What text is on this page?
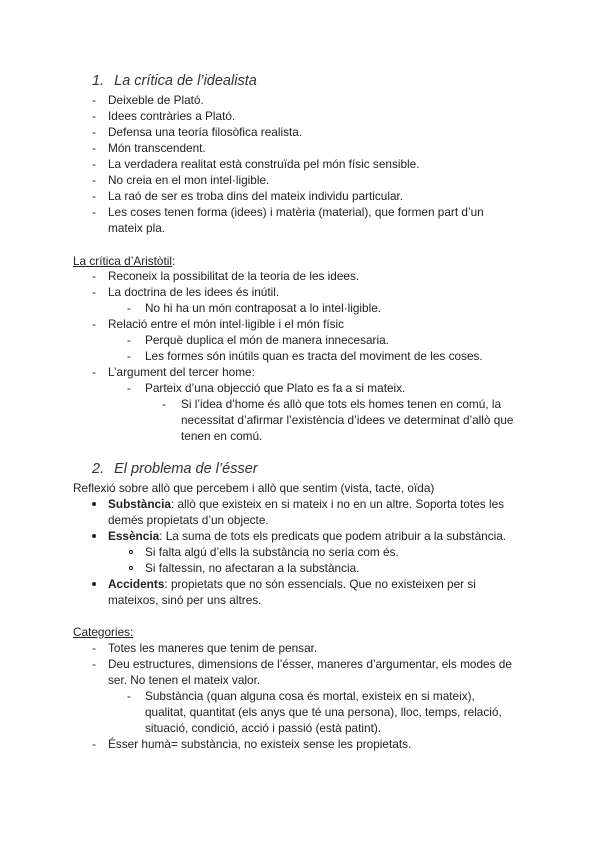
1. La crítica de l’idealista
- Deixeble de Plató.
- Idees contràries a Plató.
- Defensa una teoría filosòfica realista.
- Món transcendent.
- La verdadera realitat està construïda pel món físic sensible.
- No creia en el mon intel·ligible.
- La raó de ser es troba dins del mateix individu particular.
- Les coses tenen forma (idees) i matèria (material), que formen part d’un
mateix pla.
La crítica d’Aristòtil:
- Reconeix la possibilitat de la teoria de les idees.
- La doctrina de les idees és inútil.
- No hi ha un món contraposat a lo intel·ligible.
- Relació entre el món intel·ligible i el món físic
- Perquè duplica el món de manera innecesaria.
- Les formes són inútils quan es tracta del moviment de les coses.
- L’argument del tercer home:
- Parteix d’una objecció que Plato es fa a si mateix.
- Si l’idea d’home és allò que tots els homes tenen en comú, la
necessitat d’afirmar l’existència d’idees ve determinat d’allò que
tenen en comú.
2. El problema de l’ésser
Reflexió sobre allò que percebem i allò que sentim (vista, tacte, oïda)
Substància: allò que existeix en si mateix i no en un altre. Soporta totes les
demés propietats d’un objecte.
Essència: La suma de tots els predicats que podem atribuir a la substància.
Si falta algú d’ells la substància no seria com és.
Si faltessin, no afectaran a la substància.
Accidents: propietats que no són essencials. Que no existeixen per si
mateixos, sinó per uns altres.
Categories:
- Totes les maneres que tenim de pensar.
- Deu estructures, dimensions de l’ésser, maneres d’argumentar, els modes de
ser. No tenen el mateix valor.
- Substància (quan alguna cosa és mortal, existeix en si mateix),
qualitat, quantitat (els anys que té una persona), lloc, temps, relació,
situació, condició, acció i passió (està patint).
- Ésser humà= substància, no existeix sense les propietats.
